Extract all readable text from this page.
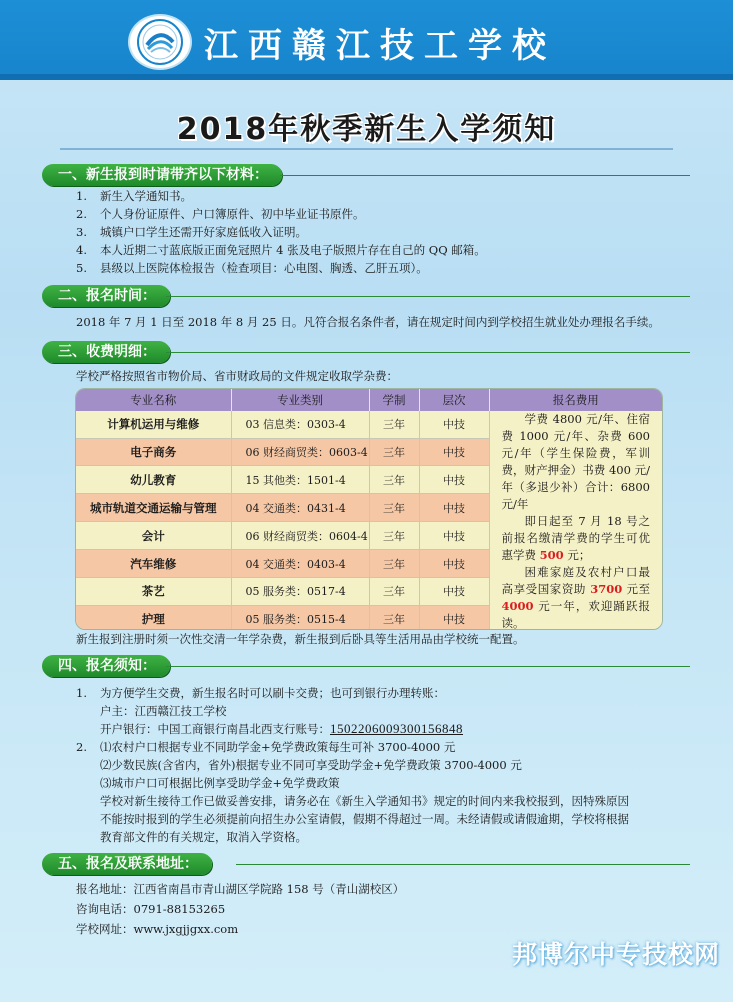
江西赣江技工学校
2018年秋季新生入学须知
一、新生报到时请带齐以下材料：
1. 新生入学通知书。
2. 个人身份证原件、户口簿原件、初中毕业证书原件。
3. 城镇户口学生还需开好家庭低收入证明。
4. 本人近期二寸蓝底版正面免冠照片 4 张及电子版照片存在自己的 QQ 邮箱。
5. 县级以上医院体检报告（检查项目：心电图、胸透、乙肝五项）。
二、报名时间：
2018 年 7 月 1 日至 2018 年 8 月 25 日。凡符合报名条件者，请在规定时间内到学校招生就业处办理报名手续。
三、收费明细：
学校严格按照省市物价局、省市财政局的文件规定收取学杂费：
专业名称	专业类别	学制	层次	报名费用
计算机运用与维修	03 信息类：0303-4	三年	中技	学费 4800 元/年、住宿费 1000 元/年、杂费 600 元/年（学生保险费，军训费，财产押金）书费 400 元/年（多退少补）合计：6800 元/年
即日起至 7 月 18 号之前报名缴清学费的学生可优惠学费 500 元；
困难家庭及农村户口最高享受国家资助 3700 元至 4000 元一年，欢迎踊跃报读。

电子商务	06 财经商贸类：0603-4	三年	中技	
幼儿教育	15 其他类：1501-4	三年	中技	
城市轨道交通运输与管理	04 交通类：0431-4	三年	中技	
会计	06 财经商贸类：0604-4	三年	中技	
汽车维修	04 交通类：0403-4	三年	中技	
茶艺	05 服务类：0517-4	三年	中技	
护理	05 服务类：0515-4	三年	中技	
新生报到注册时须一次性交清一年学杂费，新生报到后卧具等生活用品由学校统一配置。
四、报名须知：
1. 为方便学生交费，新生报名时可以刷卡交费；也可到银行办理转账：
户主：江西赣江技工学校
开户银行：中国工商银行南昌北西支行账号：1502206009300156848
2. ⑴农村户口根据专业不同助学金+免学费政策每生可补 3700-4000 元
⑵少数民族(含省内，省外)根据专业不同可享受助学金+免学费政策 3700-4000 元
⑶城市户口可根据比例享受助学金+免学费政策
学校对新生接待工作已做妥善安排，请务必在《新生入学通知书》规定的时间内来我校报到，因特殊原因
不能按时报到的学生必须提前向招生办公室请假，假期不得超过一周。未经请假或请假逾期，学校将根据
教育部文件的有关规定，取消入学资格。
五、报名及联系地址：
报名地址：江西省南昌市青山湖区学院路 158 号（青山湖校区）
咨询电话：0791-88153265
学校网址：www.jxgjjgxx.com
邦博尔中专技校网
